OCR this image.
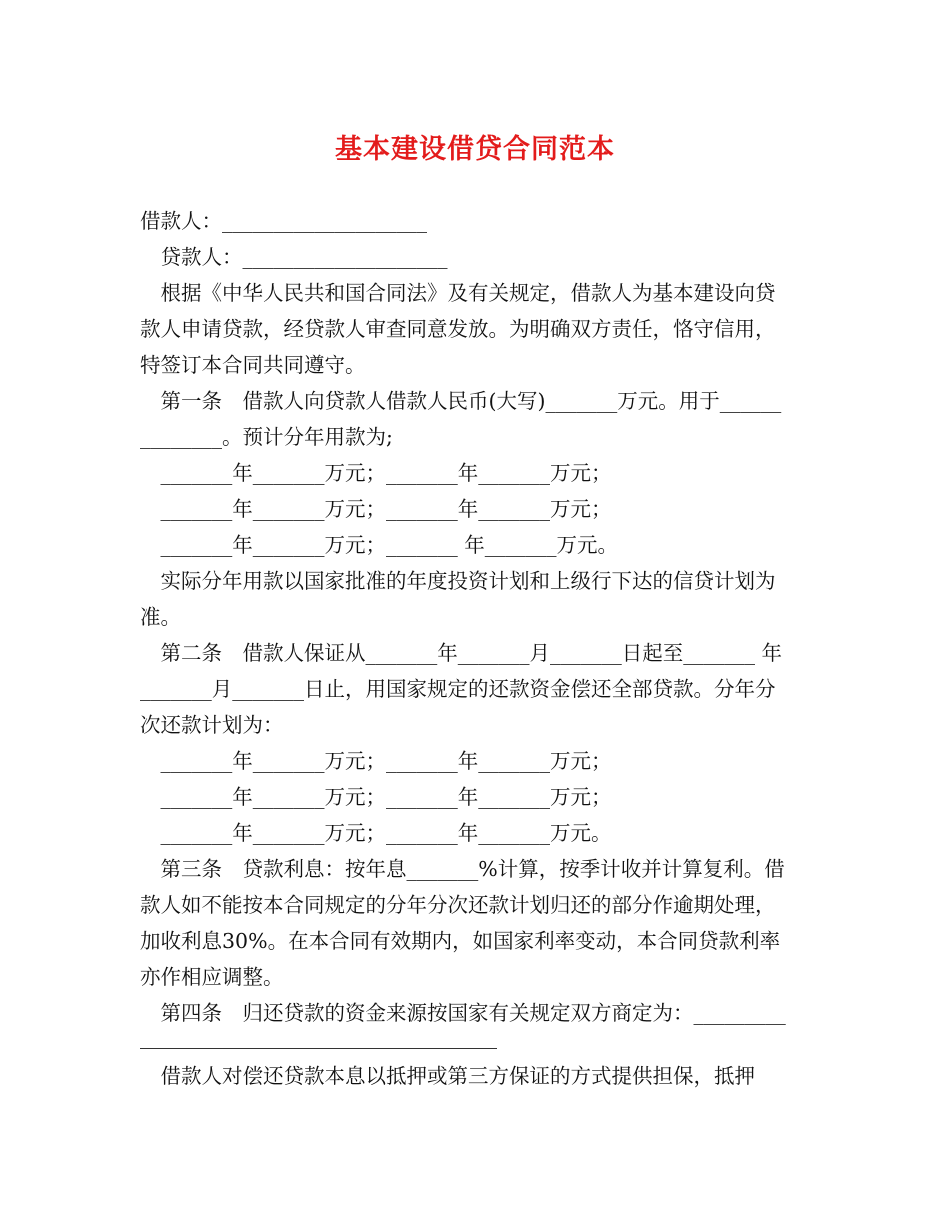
基本建设借贷合同范本
借款人：____________________
　贷款人：____________________
　根据《中华人民共和国合同法》及有关规定，借款人为基本建设向贷
款人申请贷款，经贷款人审查同意发放。为明确双方责任，恪守信用，
特签订本合同共同遵守。
　第一条　借款人向贷款人借款人民币(大写)_______万元。用于______
________。预计分年用款为;
　_______年_______万元；_______年_______万元；
　_______年_______万元；_______年_______万元；
　_______年_______万元；_______ 年_______万元。
　实际分年用款以国家批准的年度投资计划和上级行下达的信贷计划为
准。
　第二条　借款人保证从_______年_______月_______日起至_______ 年
_______月_______日止，用国家规定的还款资金偿还全部贷款。分年分
次还款计划为：
　_______年_______万元；_______年_______万元；
　_______年_______万元；_______年_______万元；
　_______年_______万元；_______年_______万元。
　第三条　贷款利息：按年息_______%计算，按季计收并计算复利。借
款人如不能按本合同规定的分年分次还款计划归还的部分作逾期处理，
加收利息30%。在本合同有效期内，如国家利率变动，本合同贷款利率
亦作相应调整。
　第四条　归还贷款的资金来源按国家有关规定双方商定为：_________
　借款人对偿还贷款本息以抵押或第三方保证的方式提供担保，抵押
